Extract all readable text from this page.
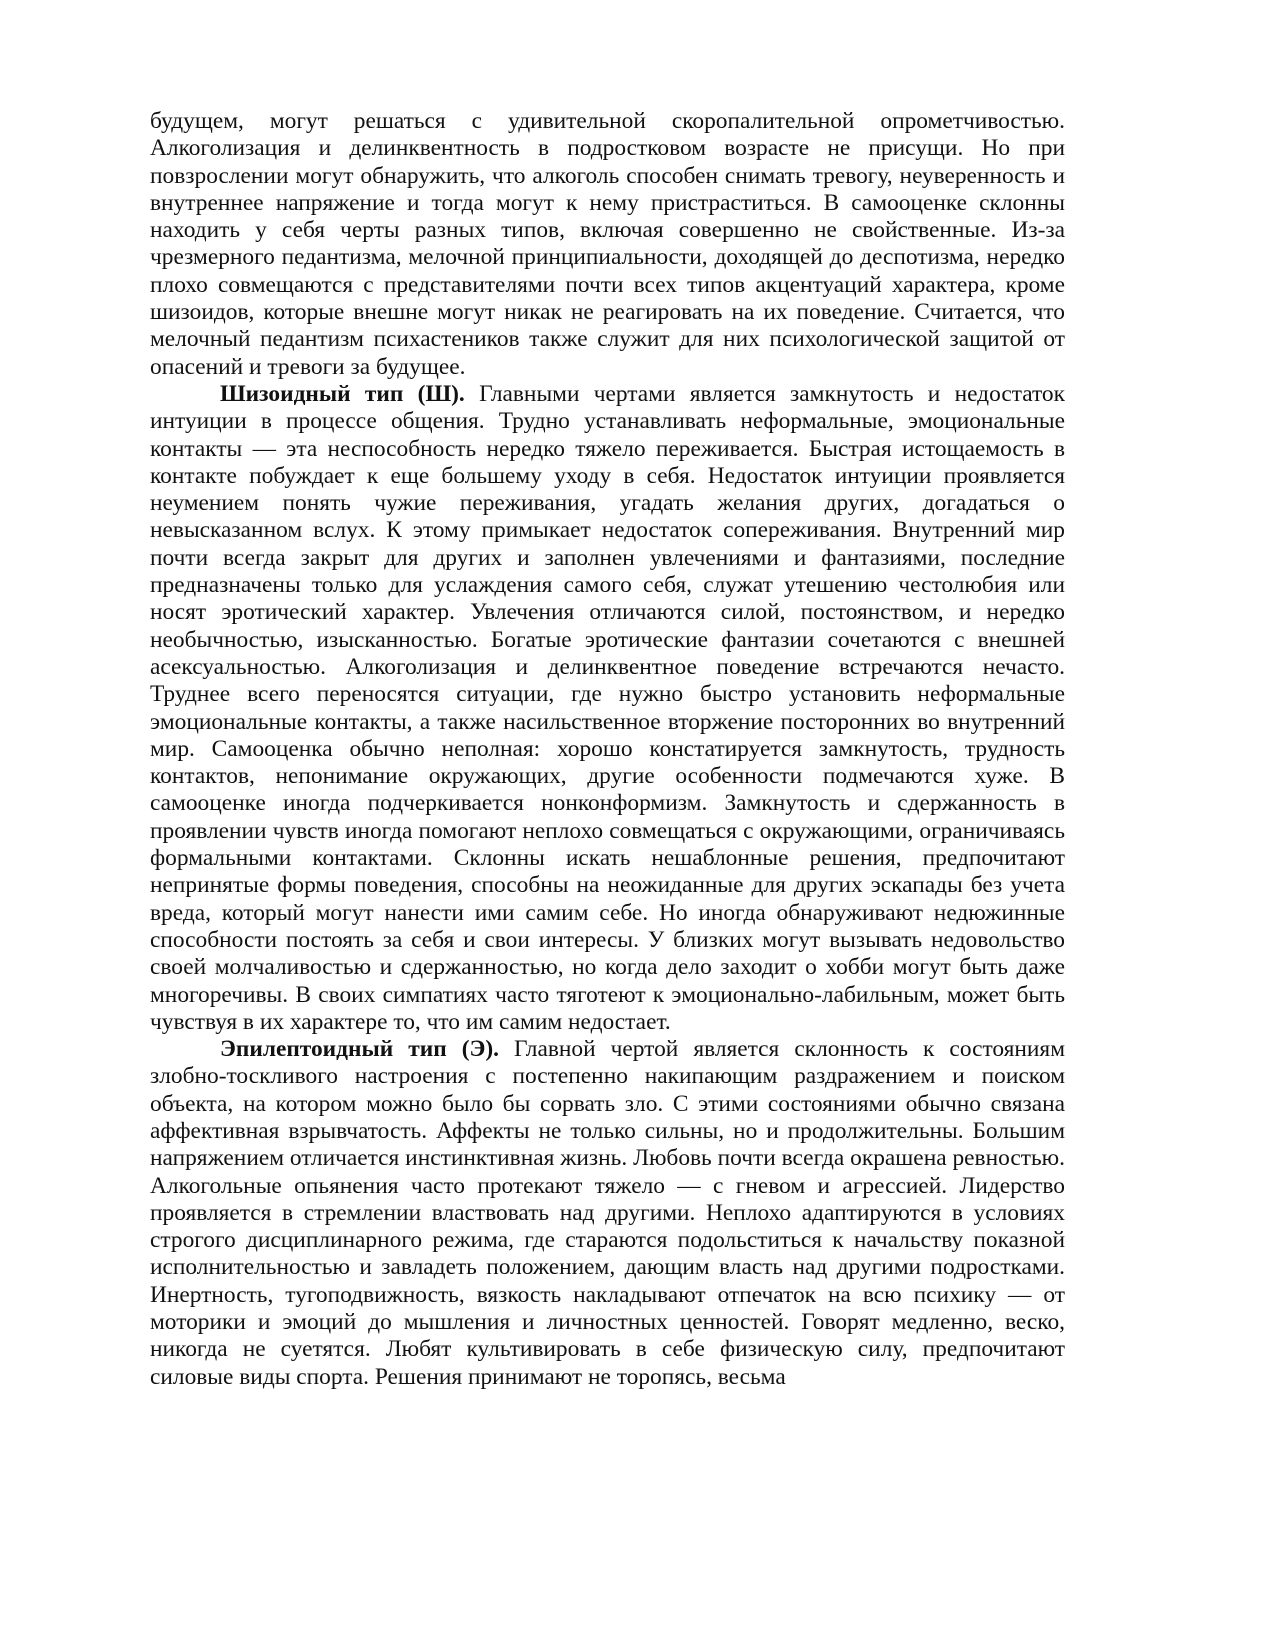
будущем, могут решаться с удивительной скоропалительной опрометчивостью. Алкоголизация и делинквентность в подростковом возрасте не присущи. Но при повзрослении могут обнаружить, что алкоголь способен снимать тревогу, неуверенность и внутреннее напряжение и тогда могут к нему пристраститься. В самооценке склонны находить у себя черты разных типов, включая совершенно не свойственные. Из-за чрезмерного педантизма, мелочной принципиальности, доходящей до деспотизма, нередко плохо совмещаются с представителями почти всех типов акцентуаций характера, кроме шизоидов, которые внешне могут никак не реагировать на их поведение. Считается, что мелочный педантизм психастеников также служит для них психологической защитой от опасений и тревоги за будущее.

Шизоидный тип (Ш). Главными чертами является замкнутость и недостаток интуиции в процессе общения. Трудно устанавливать неформальные, эмоциональные контакты — эта неспособность нередко тяжело переживается. Быстрая истощаемость в контакте побуждает к еще большему уходу в себя. Недостаток интуиции проявляется неумением понять чужие переживания, угадать желания других, догадаться о невысказанном вслух. К этому примыкает недостаток сопереживания. Внутренний мир почти всегда закрыт для других и заполнен увлечениями и фантазиями, последние предназначены только для услаждения самого себя, служат утешению честолюбия или носят эротический характер. Увлечения отличаются силой, постоянством, и нередко необычностью, изысканностью. Богатые эротические фантазии сочетаются с внешней асексуальностью. Алкоголизация и делинквентное поведение встречаются нечасто. Труднее всего переносятся ситуации, где нужно быстро установить неформальные эмоциональные контакты, а также насильственное вторжение посторонних во внутренний мир. Самооценка обычно неполная: хорошо констатируется замкнутость, трудность контактов, непонимание окружающих, другие особенности подмечаются хуже. В самооценке иногда подчеркивается нонконформизм. Замкнутость и сдержанность в проявлении чувств иногда помогают неплохо совмещаться с окружающими, ограничиваясь формальными контактами. Склонны искать нешаблонные решения, предпочитают непринятые формы поведения, способны на неожиданные для других эскапады без учета вреда, который могут нанести ими самим себе. Но иногда обнаруживают недюжинные способности постоять за себя и свои интересы. У близких могут вызывать недовольство своей молчаливостью и сдержанностью, но когда дело заходит о хобби могут быть даже многоречивы. В своих симпатиях часто тяготеют к эмоционально-лабильным, может быть чувствуя в их характере то, что им самим недостает.

Эпилептоидный тип (Э). Главной чертой является склонность к состояниям злобно-тоскливого настроения с постепенно накипающим раздражением и поиском объекта, на котором можно было бы сорвать зло. С этими состояниями обычно связана аффективная взрывчатость. Аффекты не только сильны, но и продолжительны. Большим напряжением отличается инстинктивная жизнь. Любовь почти всегда окрашена ревностью. Алкогольные опьянения часто протекают тяжело — с гневом и агрессией. Лидерство проявляется в стремлении властвовать над другими. Неплохо адаптируются в условиях строгого дисциплинарного режима, где стараются подольститься к начальству показной исполнительностью и завладеть положением, дающим власть над другими подростками. Инертность, тугоподвижность, вязкость накладывают отпечаток на всю психику — от моторики и эмоций до мышления и личностных ценностей. Говорят медленно, веско, никогда не суетятся. Любят культивировать в себе физическую силу, предпочитают силовые виды спорта. Решения принимают не торопясь, весьма
